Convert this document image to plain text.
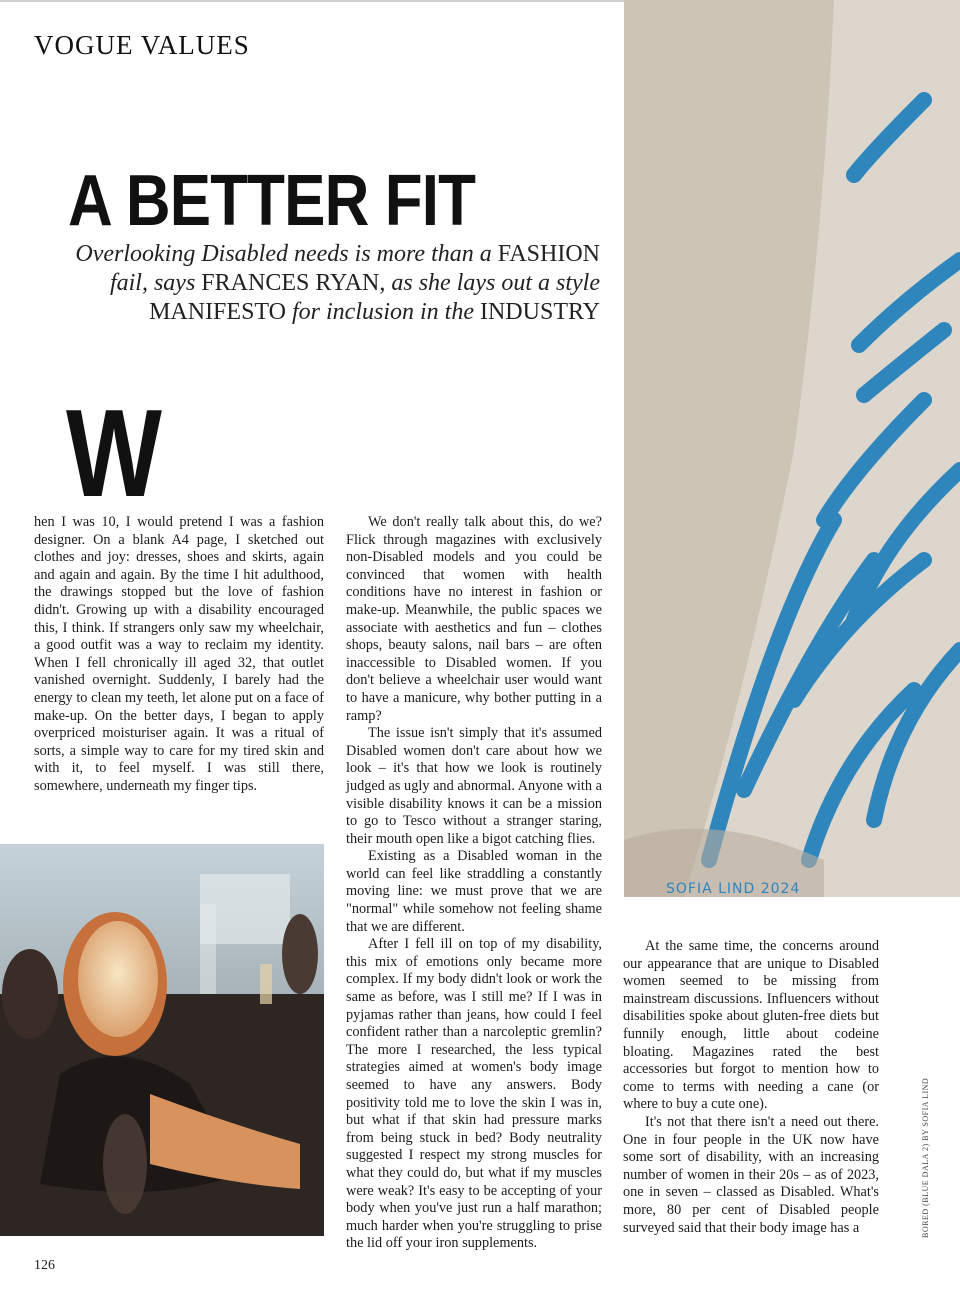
VOGUE VALUES
A BETTER FIT
Overlooking Disabled needs is more than a FASHION
fail, says FRANCES RYAN, as she lays out a style MANIFESTO for inclusion in the INDUSTRY
W

hen I was 10, I would pretend I was a fashion designer. On a blank A4 page, I sketched out clothes and joy: dresses, shoes and skirts, again and again and again. By the time I hit adulthood, the drawings stopped but the love of fashion didn't. Growing up with a disability encouraged this, I think. If strangers only saw my wheelchair, a good outfit was a way to reclaim my identity. When I fell chronically ill aged 32, that outlet vanished overnight. Suddenly, I barely had the energy to clean my teeth, let alone put on a face of make-up. On the better days, I began to apply overpriced moisturiser again. It was a ritual of sorts, a simple way to care for my tired skin and with it, to feel myself. I was still there, somewhere, underneath my finger tips.

We don't really talk about this, do we? Flick through magazines with exclusively non-Disabled models and you could be convinced that women with health conditions have no interest in fashion or make-up. Meanwhile, the public spaces we associate with aesthetics and fun – clothes shops, beauty salons, nail bars – are often inaccessible to Disabled women. If you don't believe a wheelchair user would want to have a manicure, why bother putting in a ramp?

The issue isn't simply that it's assumed Disabled women don't care about how we look – it's that how we look is routinely judged as ugly and abnormal. Anyone with a visible disability knows it can be a mission to go to Tesco without a stranger staring, their mouth open like a bigot catching flies.

Existing as a Disabled woman in the world can feel like straddling a constantly moving line: we must prove that we are "normal" while somehow not feeling shame that we are different.

After I fell ill on top of my disability, this mix of emotions only became more complex. If my body didn't look or work the same as before, was I still me? If I was in pyjamas rather than jeans, how could I feel confident rather than a narcoleptic gremlin? The more I researched, the less typical strategies aimed at women's body image seemed to have any answers. Body positivity told me to love the skin I was in, but what if that skin had pressure marks from being stuck in bed? Body neutrality suggested I respect my strong muscles for what they could do, but what if my muscles were weak? It's easy to be accepting of your body when you've just run a half marathon; much harder when you're struggling to prise the lid off your iron supplements.

At the same time, the concerns around our appearance that are unique to Disabled women seemed to be missing from mainstream discussions. Influencers without disabilities spoke about gluten-free diets but funnily enough, little about codeine bloating. Magazines rated the best accessories but forgot to mention how to come to terms with needing a cane (or where to buy a cute one).

It's not that there isn't a need out there. One in four people in the UK now have some sort of disability, with an increasing number of women in their 20s – as of 2023, one in seven – classed as Disabled. What's more, 80 per cent of Disabled people surveyed said that their body image has a

SOFIA LIND 2024
126
BORED (BLUE DALA 2) BY SOFIA LIND
